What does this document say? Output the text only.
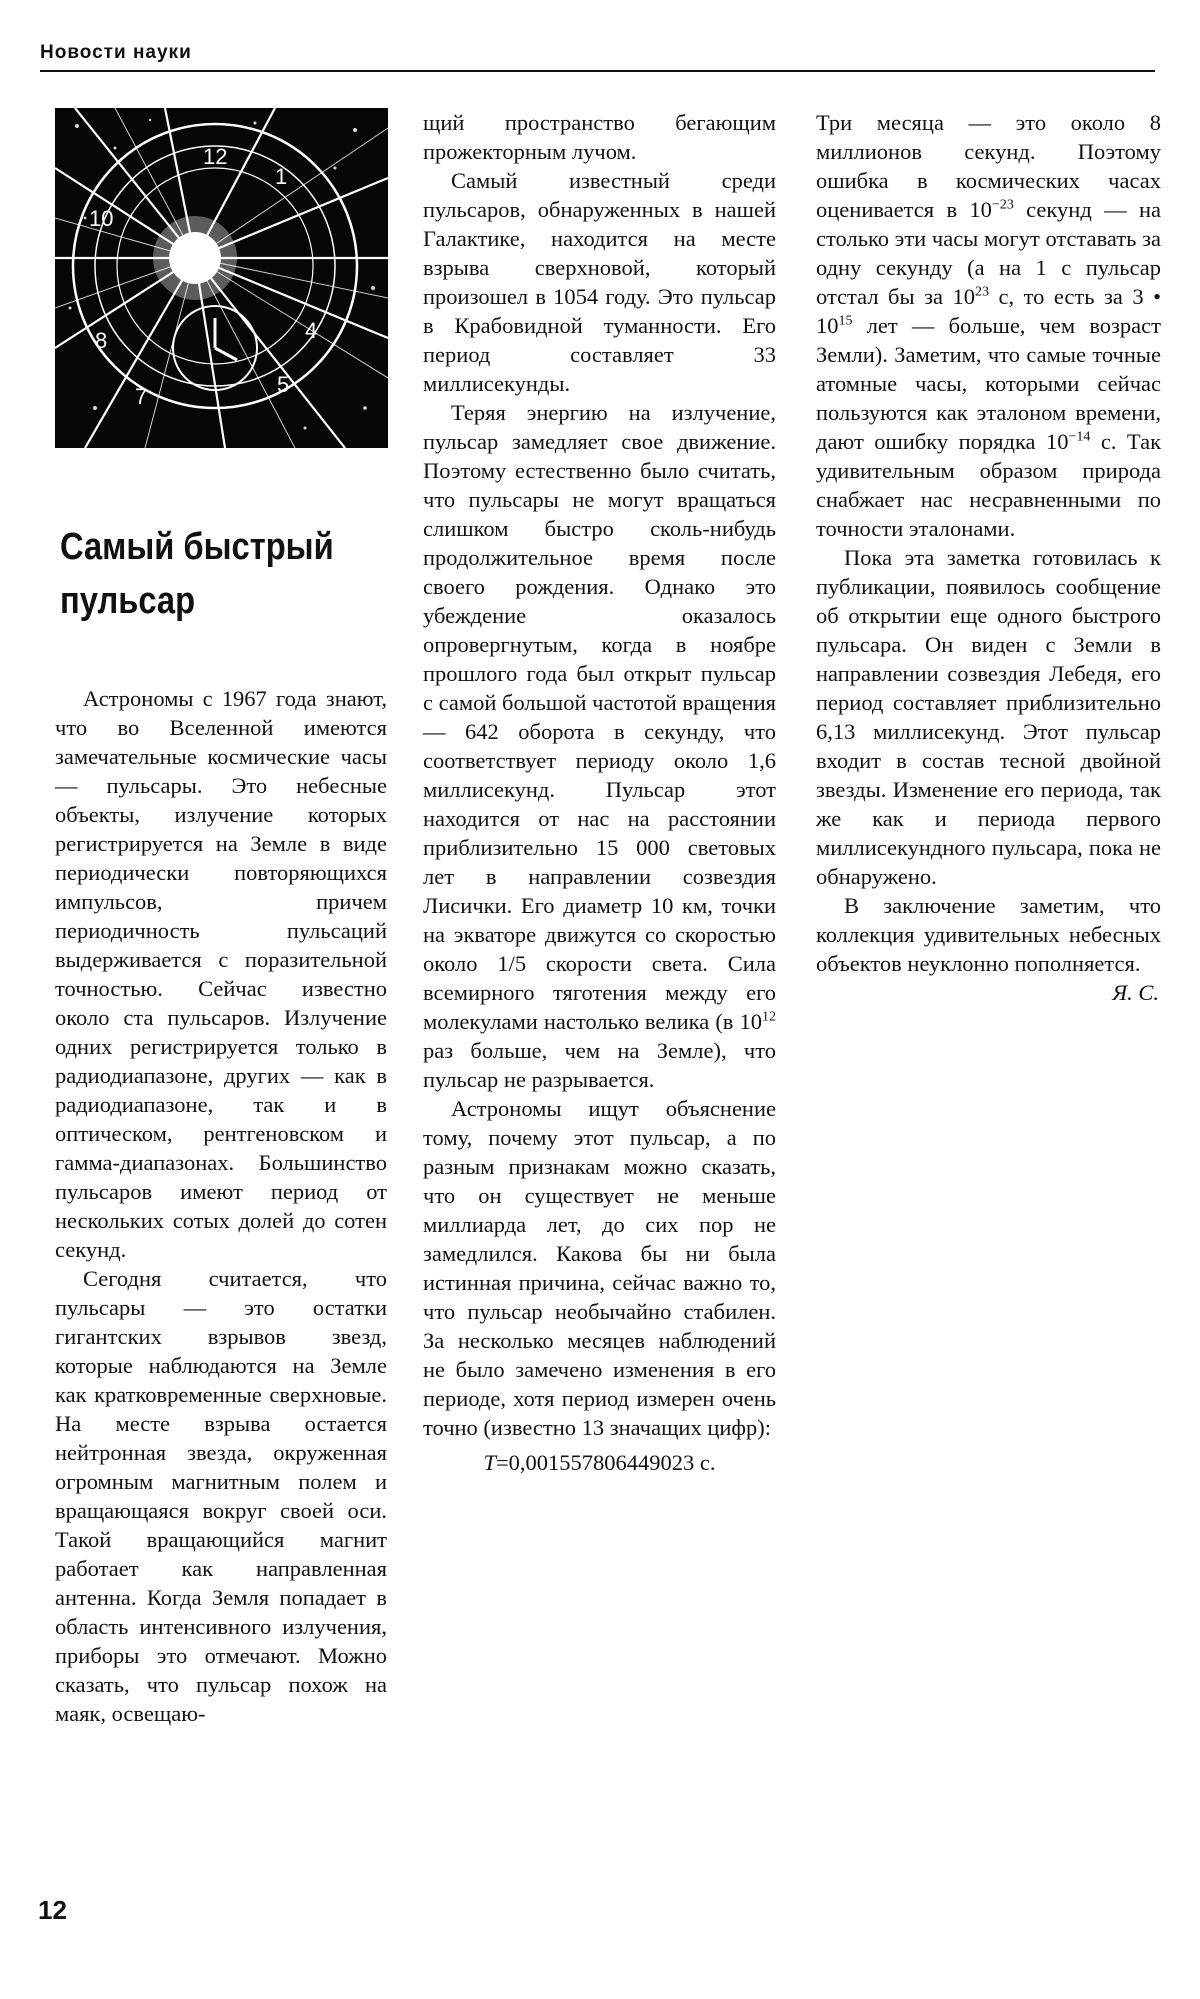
Новости науки
12
1
10
4
8
7	5
Самый быстрый
пульсар

Астрономы с 1967 года знают, что во Вселенной имеются замечательные космические часы — пульсары. Это небесные объекты, излучение которых регистрируется на Земле в виде периодически повторяющихся импульсов, причем периодичность пульсаций выдерживается с поразительной точностью. Сейчас известно около ста пульсаров. Излучение одних регистрируется только в радиодиапазоне, других — как в радиодиапазоне, так и в оптическом, рентгеновском и гамма-диапазонах. Большинство пульсаров имеют период от нескольких сотых долей до сотен секунд.

Сегодня считается, что пульсары — это остатки гигантских взрывов звезд, которые наблюдаются на Земле как кратковременные сверхновые. На месте взрыва остается нейтронная звезда, окруженная огромным магнитным полем и вращающаяся вокруг своей оси. Такой вращающийся магнит работает как направленная антенна. Когда Земля попадает в область интенсивного излучения, приборы это отмечают. Можно сказать, что пульсар похож на маяк, освещаю-

щий пространство бегающим прожекторным лучом.

Самый известный среди пульсаров, обнаруженных в нашей Галактике, находится на месте взрыва сверхновой, который произошел в 1054 году. Это пульсар в Крабовидной туманности. Его период составляет 33 миллисекунды.

Теряя энергию на излучение, пульсар замедляет свое движение. Поэтому естественно было считать, что пульсары не могут вращаться слишком быстро сколь-нибудь продолжительное время после своего рождения. Однако это убеждение оказалось опровергнутым, когда в ноябре прошлого года был открыт пульсар с самой большой частотой вращения — 642 оборота в секунду, что соответствует периоду около 1,6 миллисекунд. Пульсар этот находится от нас на расстоянии приблизительно 15 000 световых лет в направлении созвездия Лисички. Его диаметр 10 км, точки на экваторе движутся со скоростью около 1/5 скорости света. Сила всемирного тяготения между его молекулами настолько велика (в $10^{12}$ раз больше, чем на Земле), что пульсар не разрывается.

Астрономы ищут объяснение тому, почему этот пульсар, а по разным признакам можно сказать, что он существует не меньше миллиарда лет, до сих пор не замедлился. Какова бы ни была истинная причина, сейчас важно то, что пульсар необычайно стабилен. За несколько месяцев наблюдений не было замечено изменения в его периоде, хотя период измерен очень точно (известно 13 значащих цифр):

T=0,001557806449023 с.

Три месяца — это около 8 миллионов секунд. Поэтому ошибка в космических часах оценивается в $10^{-23}$ секунд — на столько эти часы могут отставать за одну секунду (а на 1 с пульсар отстал бы за $10^{23}$ с, то есть за 3 • $10^{15}$ лет — больше, чем возраст Земли). Заметим, что самые точные атомные часы, которыми сейчас пользуются как эталоном времени, дают ошибку порядка $10^{-14}$ с. Так удивительным образом природа снабжает нас несравненными по точности эталонами.

Пока эта заметка готовилась к публикации, появилось сообщение об открытии еще одного быстрого пульсара. Он виден с Земли в направлении созвездия Лебедя, его период составляет приблизительно 6,13 миллисекунд. Этот пульсар входит в состав тесной двойной звезды. Изменение его периода, так же как и периода первого миллисекундного пульсара, пока не обнаружено.

В заключение заметим, что коллекция удивительных небесных объектов неуклонно пополняется.

Я. С.

12
